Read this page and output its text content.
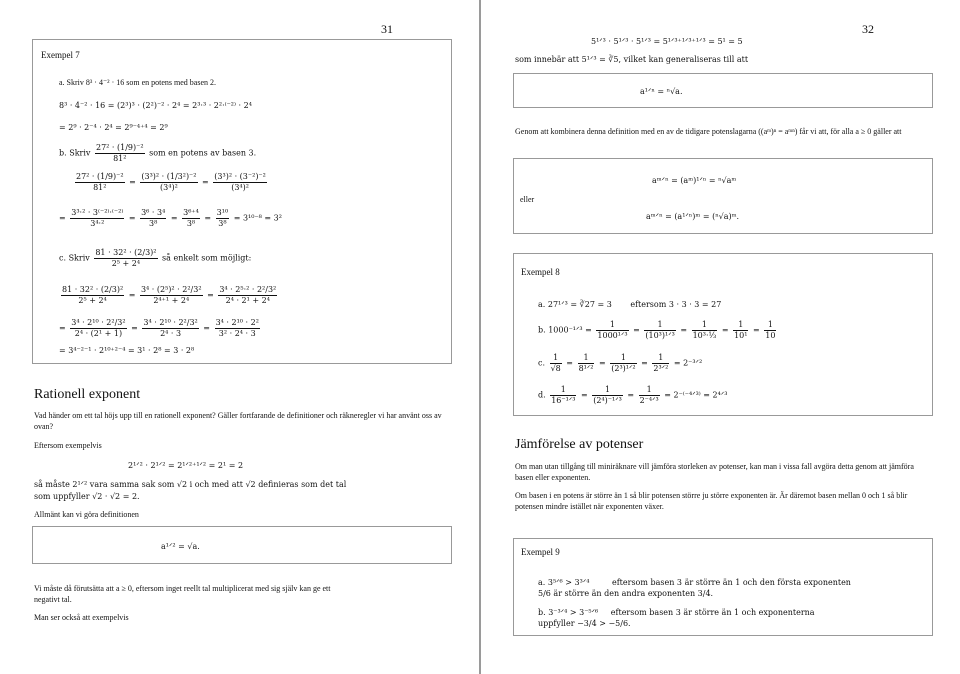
31
Exempel 7
a. Skriv 8³ · 4⁻² · 16 som en potens med basen 2.
8³ · 4⁻² · 16 = (2³)³ · (2²)⁻² · 2⁴ = 2³·³ · 2²·⁽⁻²⁾ · 2⁴
= 2⁹ · 2⁻⁴ · 2⁴ = 2⁹⁻⁴⁺⁴ = 2⁹
b. Skriv $\frac{\text{27² · (1/9)⁻²}}{\text{81²}}$ som en potens av basen 3.
$\frac{\text{27² · (1/9)⁻²}}{\text{81²}} = \frac{\text{(3³)² · (1/3²)⁻²}}{\text{(3⁴)²}} = \frac{\text{(3³)² · (3⁻²)⁻²}}{\text{(3⁴)²}}$
= $\frac{\text{3³·² · 3⁽⁻²⁾·⁽⁻²⁾}}{\text{3⁴·²}} = \frac{\text{3⁶ · 3⁴}}{\text{3⁸}} = \frac{\text{3⁶⁺⁴}}{\text{3⁸}} = \frac{\text{3¹⁰}}{\text{3⁸}} = 3^{10-8} = 3^2$
c. Skriv $\frac{\text{81 · 32² · (2/3)²}}{\text{2⁵ + 2⁴}}$ så enkelt som möjligt:
$\frac{\text{81 · 32² · (2/3)²}}{\text{2⁵ + 2⁴}} = \frac{\text{3⁴ · (2⁵)² · 2²/3²}}{\text{2⁴⁺¹ + 2⁴}} = \frac{\text{3⁴ · 2⁵·² · 2²/3²}}{\text{2⁴ · 2¹ + 2⁴}}$
= $\frac{\text{3⁴ · 2¹⁰ · 2²/3²}}{\text{2⁴ · (2¹ + 1)}} = \frac{\text{3⁴ · 2¹⁰ · 2²/3²}}{\text{2⁴ · 3}} = \frac{\text{3⁴ · 2¹⁰ · 2²}}{\text{3² · 2⁴ · 3}}$
= 3⁴⁻²⁻¹ · 2¹⁰⁺²⁻⁴ = 3¹ · 2⁸ = 3 · 2⁸
Rationell exponent
Vad händer om ett tal höjs upp till en rationell exponent? Gäller fortfarande de definitioner och räkneregler vi har använt oss av ovan?
Eftersom exempelvis
2¹ᐟ² · 2¹ᐟ² = 2¹ᐟ²⁺¹ᐟ² = 2¹ = 2
så måste 2¹ᐟ² vara samma sak som √2 i och med att √2 definieras som det tal
som uppfyller √2 · √2 = 2.
Allmänt kan vi göra definitionen
a¹ᐟ² = √a.
Vi måste då förutsätta att a ≥ 0, eftersom inget reellt tal multiplicerat med sig själv kan ge ett negativt tal.
Man ser också att exempelvis
32
5¹ᐟ³ · 5¹ᐟ³ · 5¹ᐟ³ = 5¹ᐟ³⁺¹ᐟ³⁺¹ᐟ³ = 5¹ = 5
som innebär att 5¹ᐟ³ = ∛5, vilket kan generaliseras till att
a¹ᐟⁿ = ⁿ√a.
Genom att kombinera denna definition med en av de tidigare potenslagarna ((aᵐ)ⁿ = aᵐⁿ) får vi att, för alla a ≥ 0 gäller att
aᵐᐟⁿ = (aᵐ)¹ᐟⁿ = ⁿ√aᵐ
eller
aᵐᐟⁿ = (a¹ᐟⁿ)ᵐ = (ⁿ√a)ᵐ.
Exempel 8
a. 27¹ᐟ³ = ∛27 = 3 eftersom 3 · 3 · 3 = 27
b. 1000⁻¹ᐟ³ = $\frac{1}{\text{1000¹ᐟ³}} = \frac{1}{\text{(10³)¹ᐟ³}} = \frac{1}{\text{10³·⅓}} = \frac{1}{\text{10¹}} = \frac{1}{10}$
c. $\frac{1}{√8} = \frac{1}{\text{8¹ᐟ²}} = \frac{1}{\text{(2³)¹ᐟ²}} = \frac{1}{\text{2³ᐟ²}}$ = 2⁻³ᐟ²
d. $\frac{1}{\text{16⁻¹ᐟ³}} = \frac{1}{\text{(2⁴)⁻¹ᐟ³}} = \frac{1}{\text{2⁻⁴ᐟ³}}$ = 2⁻⁽⁻⁴ᐟ³⁾ = 2⁴ᐟ³
Jämförelse av potenser
Om man utan tillgång till miniräknare vill jämföra storleken av potenser, kan man i vissa fall avgöra detta genom att jämföra basen eller exponenten.
Om basen i en potens är större än 1 så blir potensen större ju större exponenten är. Är däremot basen mellan 0 och 1 så blir potensen mindre istället när exponenten växer.
Exempel 9
a. 3⁵ᐟ⁶ > 3³ᐟ⁴	eftersom basen 3 är större än 1 och den första exponenten
5/6 är större än den andra exponenten 3/4.
b. 3⁻³ᐟ⁴ > 3⁻⁵ᐟ⁶ eftersom basen 3 är större än 1 och exponenterna
uppfyller −3/4 > −5/6.
